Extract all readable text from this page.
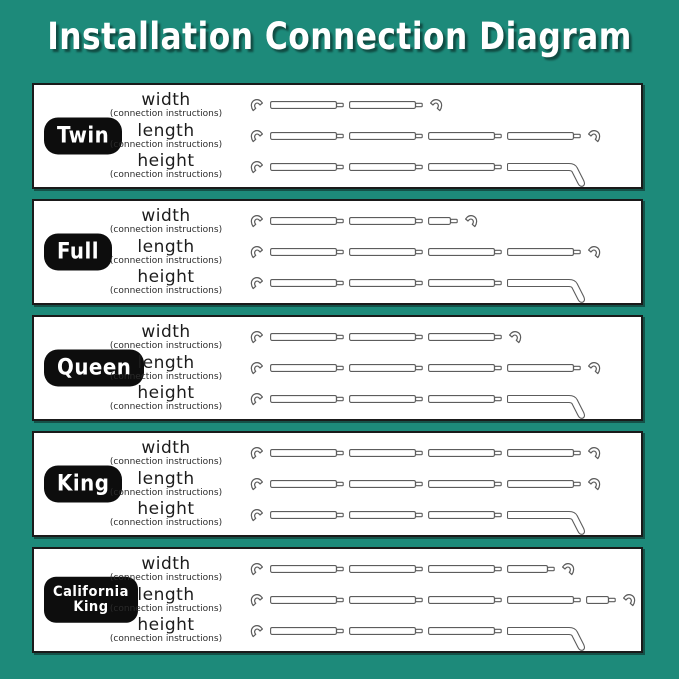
Installation Connection Diagram
Twin
width
(connection instructions)
length
(connection instructions)
height
(connection instructions)
Full
width
(connection instructions)
length
(connection instructions)
height
(connection instructions)
Queen
width
(connection instructions)
length
(connection instructions)
height
(connection instructions)
King
width
(connection instructions)
length
(connection instructions)
height
(connection instructions)
California
King
width
(connection instructions)
length
(connection instructions)
height
(connection instructions)
